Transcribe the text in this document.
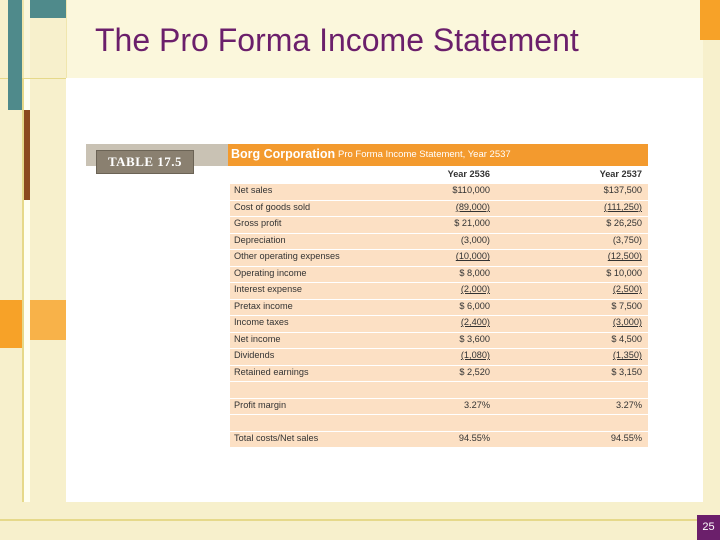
The Pro Forma Income Statement
TABLE 17.5	Borg Corporation Pro Forma Income Statement, Year 2537
Year 2536	Year 2537
Net sales	$110,000	$137,500
Cost of goods sold	(89,000)	(111,250)
Gross profit	$ 21,000	$ 26,250
Depreciation	(3,000)	(3,750)
Other operating expenses	(10,000)	(12,500)
Operating income	$ 8,000	$ 10,000
Interest expense	(2,000)	(2,500)
Pretax income	$ 6,000	$ 7,500
Income taxes	(2,400)	(3,000)
Net income	$ 3,600	$ 4,500
Dividends	(1,080)	(1,350)
Retained earnings	$ 2,520	$ 3,150
Profit margin	3.27%	3.27%
Total costs/Net sales	94.55%	94.55%
25
